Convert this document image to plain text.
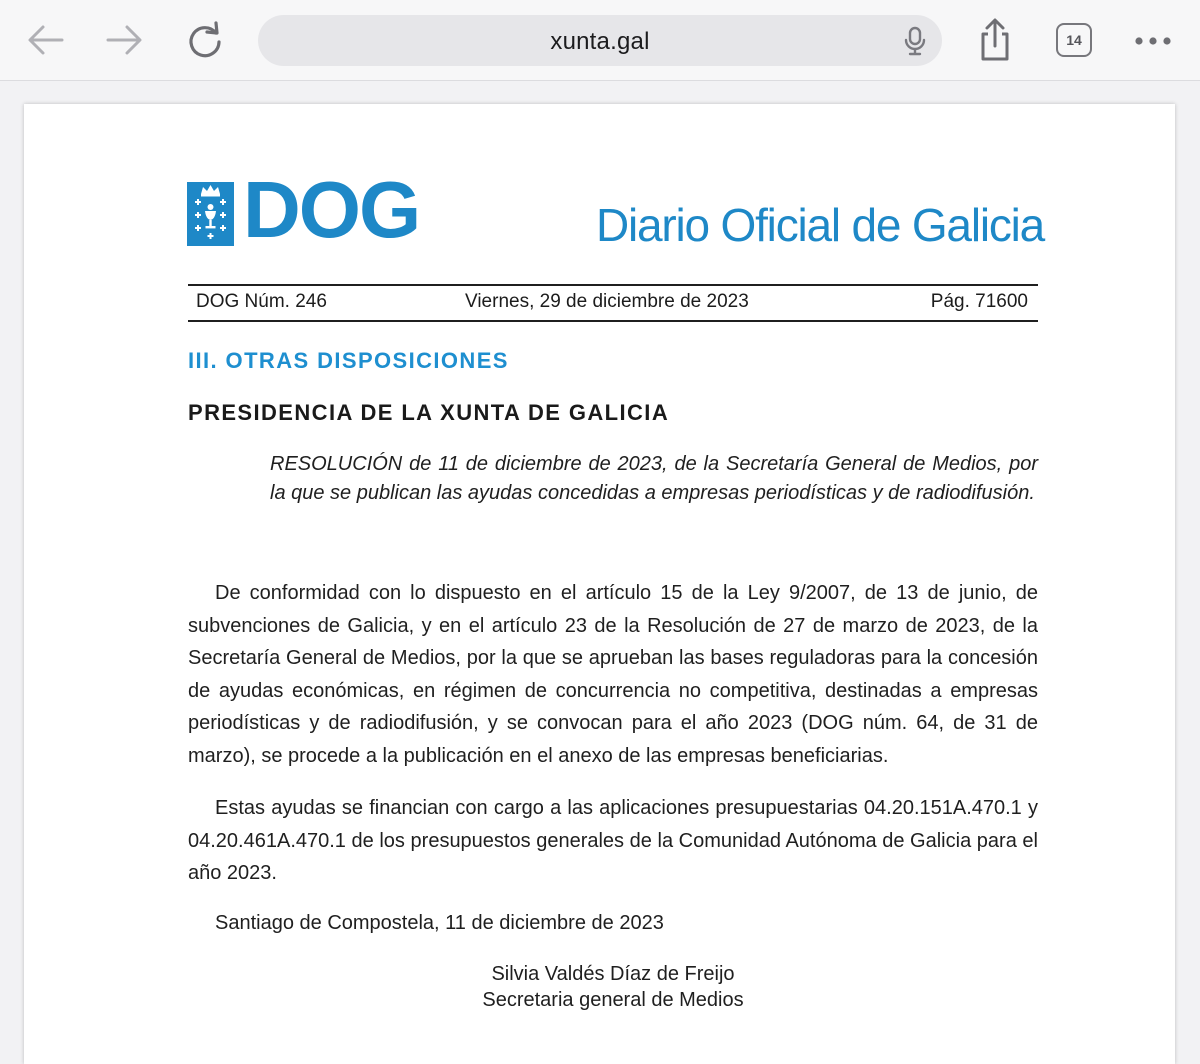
xunta.gal	14
DOG	Diario Oficial de Galicia
DOG Núm. 246	Viernes, 29 de diciembre de 2023	Pág. 71600
III. OTRAS DISPOSICIONES
PRESIDENCIA DE LA XUNTA DE GALICIA

RESOLUCIÓN de 11 de diciembre de 2023, de la Secretaría General de Medios, por la que se publican las ayudas concedidas a empresas periodísticas y de radiodifusión.

De conformidad con lo dispuesto en el artículo 15 de la Ley 9/2007, de 13 de junio, de subvenciones de Galicia, y en el artículo 23 de la Resolución de 27 de marzo de 2023, de la Secretaría General de Medios, por la que se aprueban las bases reguladoras para la concesión de ayudas económicas, en régimen de concurrencia no competitiva, destinadas a empresas periodísticas y de radiodifusión, y se convocan para el año 2023 (DOG núm. 64, de 31 de marzo), se procede a la publicación en el anexo de las empresas beneficiarias.

Estas ayudas se financian con cargo a las aplicaciones presupuestarias 04.20.151A.470.1 y 04.20.461A.470.1 de los presupuestos generales de la Comunidad Autónoma de Galicia para el año 2023.

Santiago de Compostela, 11 de diciembre de 2023
Silvia Valdés Díaz de Freijo
Secretaria general de Medios
